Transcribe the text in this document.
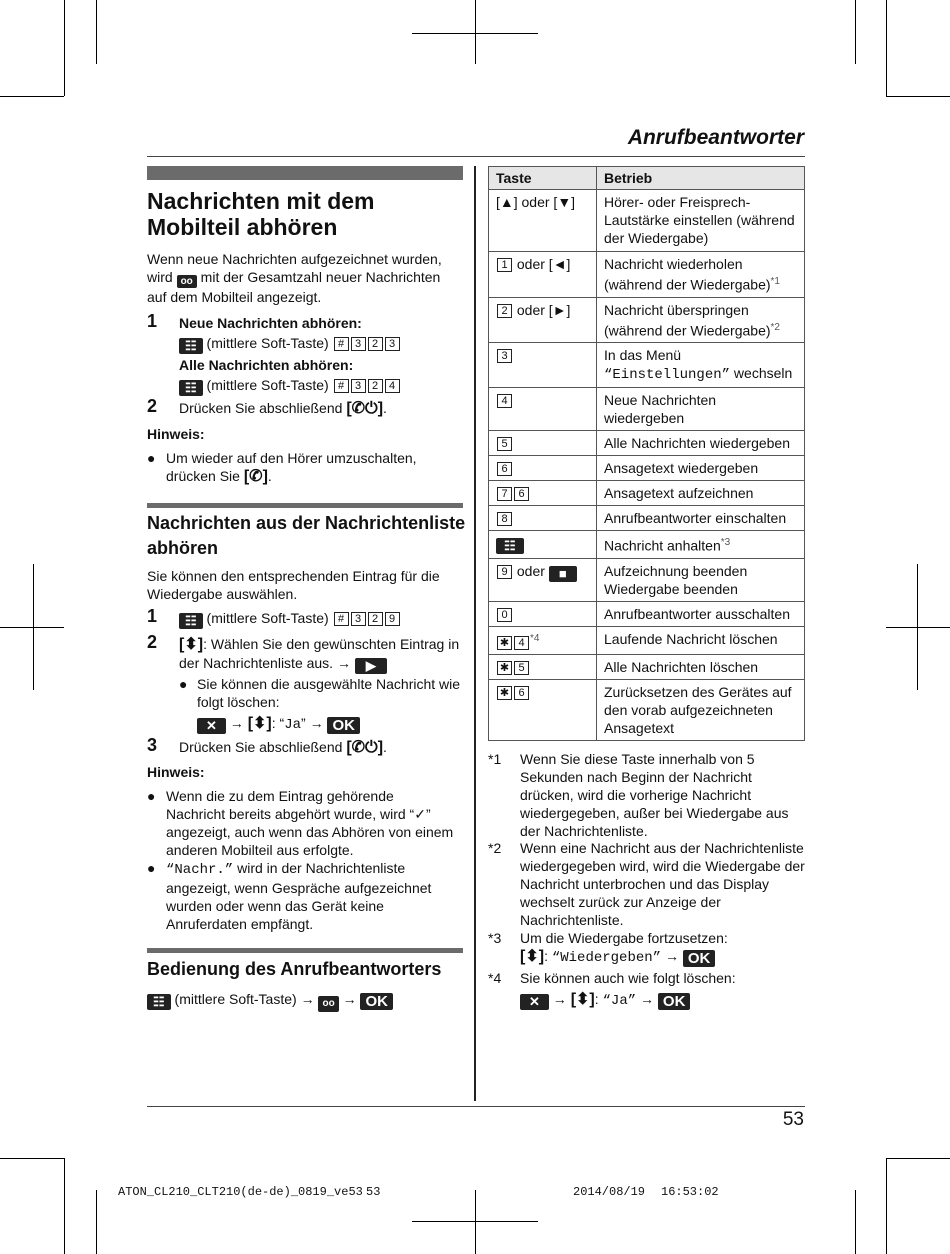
Anrufbeantworter
Nachrichten mit dem Mobilteil abhören
Wenn neue Nachrichten aufgezeichnet wurden, wird oo mit der Gesamtzahl neuer Nachrichten auf dem Mobilteil angezeigt.
1 Neue Nachrichten abhören:
☷ (mittlere Soft-Taste) # 3 2 3
Alle Nachrichten abhören:
☷ (mittlere Soft-Taste) # 3 2 4
2 Drücken Sie abschließend [✆⏻].
Hinweis:
● Um wieder auf den Hörer umzuschalten,
drücken Sie [✆].
Nachrichten aus der Nachrichtenliste abhören
Sie können den entsprechenden Eintrag für die Wiedergabe auswählen.
1	☷ (mittlere Soft-Taste) # 3 2 9
2 [⬍]: Wählen Sie den gewünschten Eintrag in der Nachrichtenliste aus. → ▶
● Sie können die ausgewählte Nachricht wie folgt löschen:
✕ → [⬍]: “Ja” → OK
3 Drücken Sie abschließend [✆⏻].
Hinweis:
● Wenn die zu dem Eintrag gehörende Nachricht bereits abgehört wurde, wird “✓” angezeigt, auch wenn das Abhören von einem anderen Mobilteil aus erfolgte.
● “Nachr.” wird in der Nachrichtenliste angezeigt, wenn Gespräche aufgezeichnet wurden oder wenn das Gerät keine Anruferdaten empfängt.
Bedienung des Anrufbeantworters
☷ (mittlere Soft-Taste) → oo → OK
Taste	Betrieb
[▲] oder [▼]	Hörer- oder Freisprech-Lautstärke einstellen (während der Wiedergabe)
1 oder [◄]	Nachricht wiederholen (während der Wiedergabe)$^{*1}$
2 oder [►]	Nachricht überspringen (während der Wiedergabe)$^{*2}$
3	In das Menü “Einstellungen” wechseln
4	Neue Nachrichten wiedergeben
5	Alle Nachrichten wiedergeben
6	Ansagetext wiedergeben
7 6	Ansagetext aufzeichnen
8	Anrufbeantworter einschalten
☷	Nachricht anhalten$^{*3}$
9 oder ■	Aufzeichnung beenden Wiedergabe beenden
0	Anrufbeantworter ausschalten
✱ 4 $^{*4}$	Laufende Nachricht löschen
✱ 5	Alle Nachrichten löschen
✱ 6	Zurücksetzen des Gerätes auf den vorab aufgezeichneten Ansagetext
*1 Wenn Sie diese Taste innerhalb von 5 Sekunden nach Beginn der Nachricht drücken, wird die vorherige Nachricht wiedergegeben, außer bei Wiedergabe aus der Nachrichtenliste.
*2 Wenn eine Nachricht aus der Nachrichtenliste wiedergegeben wird, wird die Wiedergabe der Nachricht unterbrochen und das Display wechselt zurück zur Anzeige der Nachrichtenliste.
*3 Um die Wiedergabe fortzusetzen:
[⬍]: “Wiedergeben” → OK
*4 Sie können auch wie folgt löschen:
✕ → [⬍]: “Ja” → OK
53
ATON_CL210_CLT210(de-de)_0819_ve53 53	2014/08/19 16:53:02
